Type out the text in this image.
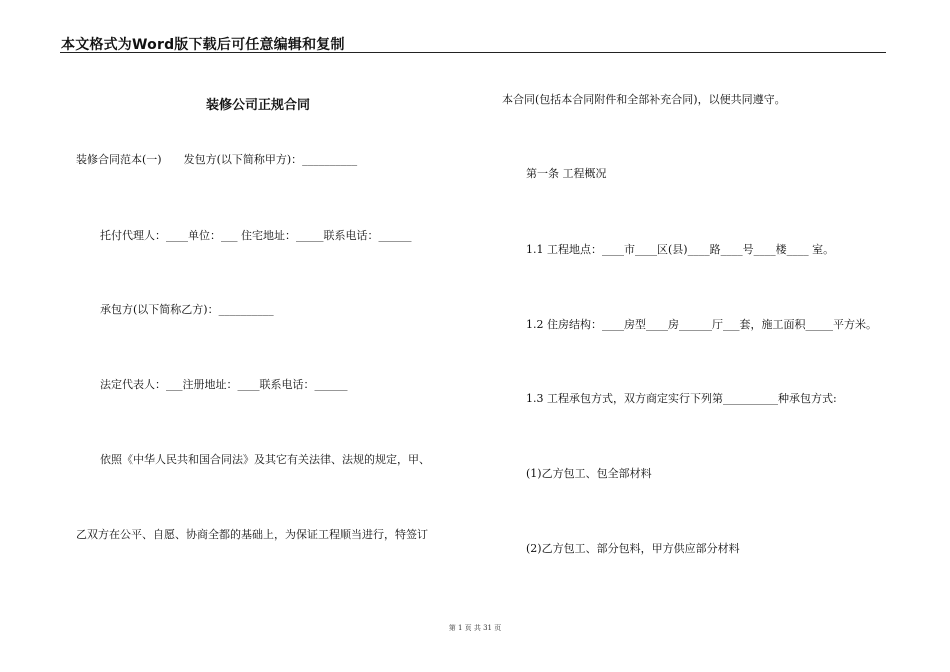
本文格式为Word版下载后可任意编辑和复制
装修公司正规合同
装修合同范本(一)　　发包方(以下简称甲方)：__________
托付代理人：____单位：___ 住宅地址：_____联系电话：______
承包方(以下简称乙方)：__________
法定代表人：___注册地址：____联系电话：______
依照《中华人民共和国合同法》及其它有关法律、法规的规定，甲、
乙双方在公平、自愿、协商全都的基础上，为保证工程顺当进行，特签订
本合同(包括本合同附件和全部补充合同)，以便共同遵守。
第一条 工程概况
1.1 工程地点：____市____区(县)____路____号____楼____ 室。
1.2 住房结构：____房型____房______厅___套，施工面积_____平方米。
1.3 工程承包方式，双方商定实行下列第__________种承包方式:
(1)乙方包工、包全部材料
(2)乙方包工、部分包料，甲方供应部分材料
第 1 页 共 31 页
